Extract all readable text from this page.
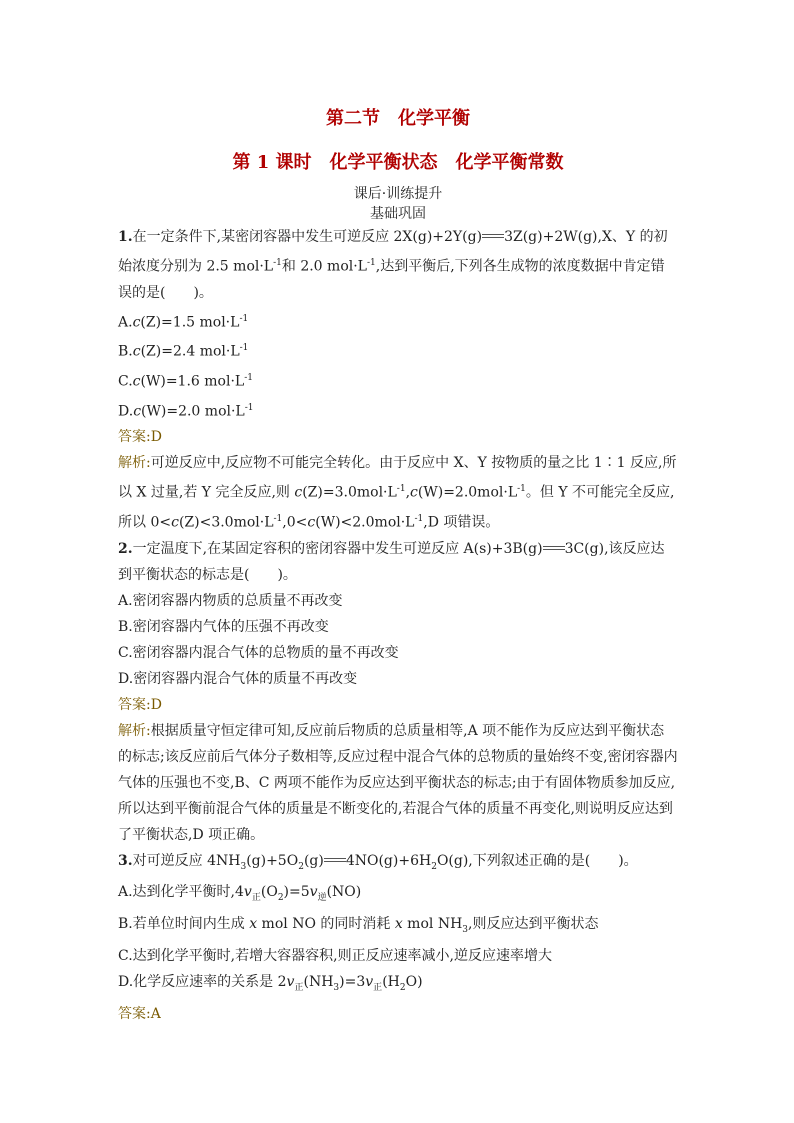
第二节　化学平衡

第 1 课时　化学平衡状态　化学平衡常数

课后·训练提升
基础巩固

1.在一定条件下,某密闭容器中发生可逆反应 2X(g)+2Y(g) 3Z(g)+2W(g),X、Y 的初始浓度分别为 2.5 $mol\cdot L^{-1}$和 2.0 $mol\cdot L^{-1}$,达到平衡后,下列各生成物的浓度数据中肯定错误的是(　　)。

A.c(Z)=1.5 $mol\cdot L^{-1}$

B.c(Z)=2.4 $mol\cdot L^{-1}$

C.c(W)=1.6 $mol\cdot L^{-1}$

D.c(W)=2.0 $mol\cdot L^{-1}$

答案:D

解析:可逆反应中,反应物不可能完全转化。由于反应中 X、Y 按物质的量之比 1∶1 反应,所以 X 过量,若 Y 完全反应,则 $c(Z)=3.0mol\cdot L^{-1},c(W)=2.0mol\cdot L^{-1}$。但 Y 不可能完全反应,所以 $0<c(Z)<3.0mol\cdot L^{-1},0<c(W)<2.0mol\cdot L^{-1},D$ 项错误。

2.一定温度下,在某固定容积的密闭容器中发生可逆反应 A(s)+3B(g) 3C(g),该反应达到平衡状态的标志是(　　)。

A.密闭容器内物质的总质量不再改变

B.密闭容器内气体的压强不再改变

C.密闭容器内混合气体的总物质的量不再改变

D.密闭容器内混合气体的质量不再改变

答案:D

解析:根据质量守恒定律可知,反应前后物质的总质量相等,A 项不能作为反应达到平衡状态的标志;该反应前后气体分子数相等,反应过程中混合气体的总物质的量始终不变,密闭容器内气体的压强也不变,B、C 两项不能作为反应达到平衡状态的标志;由于有固体物质参加反应,所以达到平衡前混合气体的质量是不断变化的,若混合气体的质量不再变化,则说明反应达到了平衡状态,D 项正确。

3.对可逆反应 $4NH_3(g)+5O_2(g)$ $4NO(g)+6H_2O(g)$,下列叙述正确的是(　　)。

A.达到化学平衡时$,4v_正(O_2)=5v_逆(NO)$

B.若单位时间内生成 x mol NO 的同时消耗 x mol $NH_3$,则反应达到平衡状态

C.达到化学平衡时,若增大容器容积,则正反应速率减小,逆反应速率增大

D.化学反应速率的关系是 $2v_正(NH_3)=3v_正(H_2O)$

答案:A
